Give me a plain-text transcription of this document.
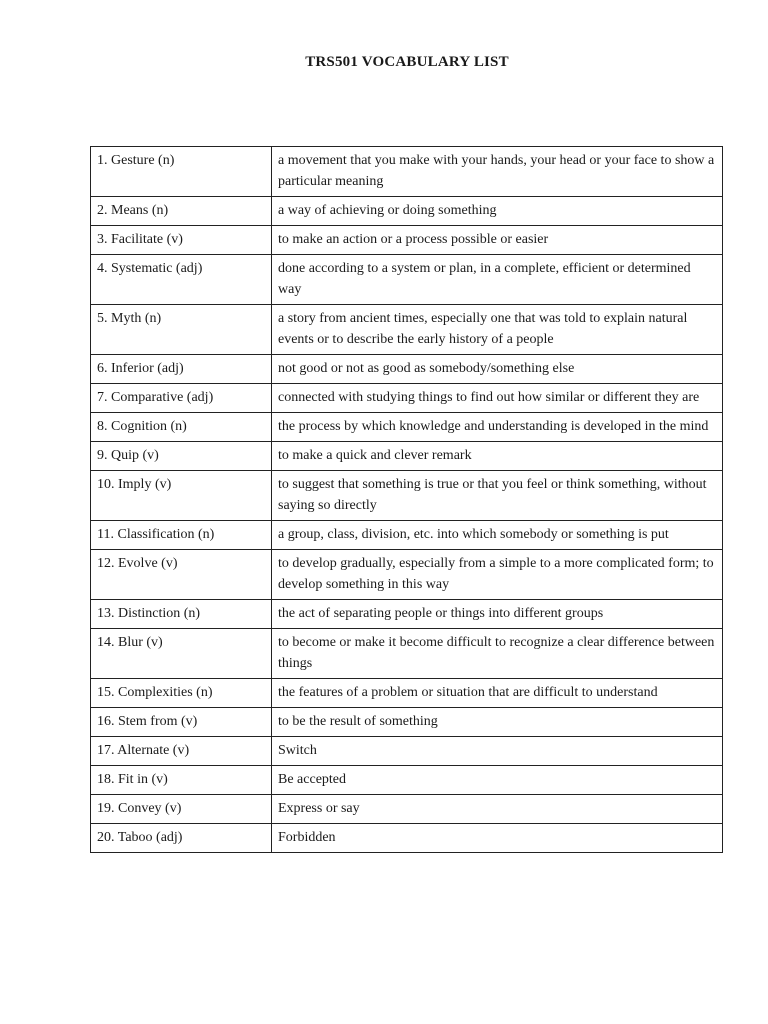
TRS501 VOCABULARY LIST
1. Gesture (n)	a movement that you make with your hands, your head or your face to show a particular meaning
2. Means (n)	a way of achieving or doing something
3. Facilitate (v)	to make an action or a process possible or easier
4. Systematic (adj)	done according to a system or plan, in a complete, efficient or determined way
5. Myth (n)	a story from ancient times, especially one that was told to explain natural events or to describe the early history of a people
6. Inferior (adj)	not good or not as good as somebody/something else
7. Comparative (adj)	connected with studying things to find out how similar or different they are
8. Cognition (n)	the process by which knowledge and understanding is developed in the mind
9. Quip (v)	to make a quick and clever remark
10. Imply (v)	to suggest that something is true or that you feel or think something, without saying so directly
11. Classification (n)	a group, class, division, etc. into which somebody or something is put
12. Evolve (v)	to develop gradually, especially from a simple to a more complicated form; to develop something in this way
13. Distinction (n)	the act of separating people or things into different groups
14. Blur (v)	to become or make it become difficult to recognize a clear difference between things
15. Complexities (n)	the features of a problem or situation that are difficult to understand
16. Stem from (v)	to be the result of something
17. Alternate (v)	Switch
18. Fit in (v)	Be accepted
19. Convey (v)	Express or say
20. Taboo (adj)	Forbidden
